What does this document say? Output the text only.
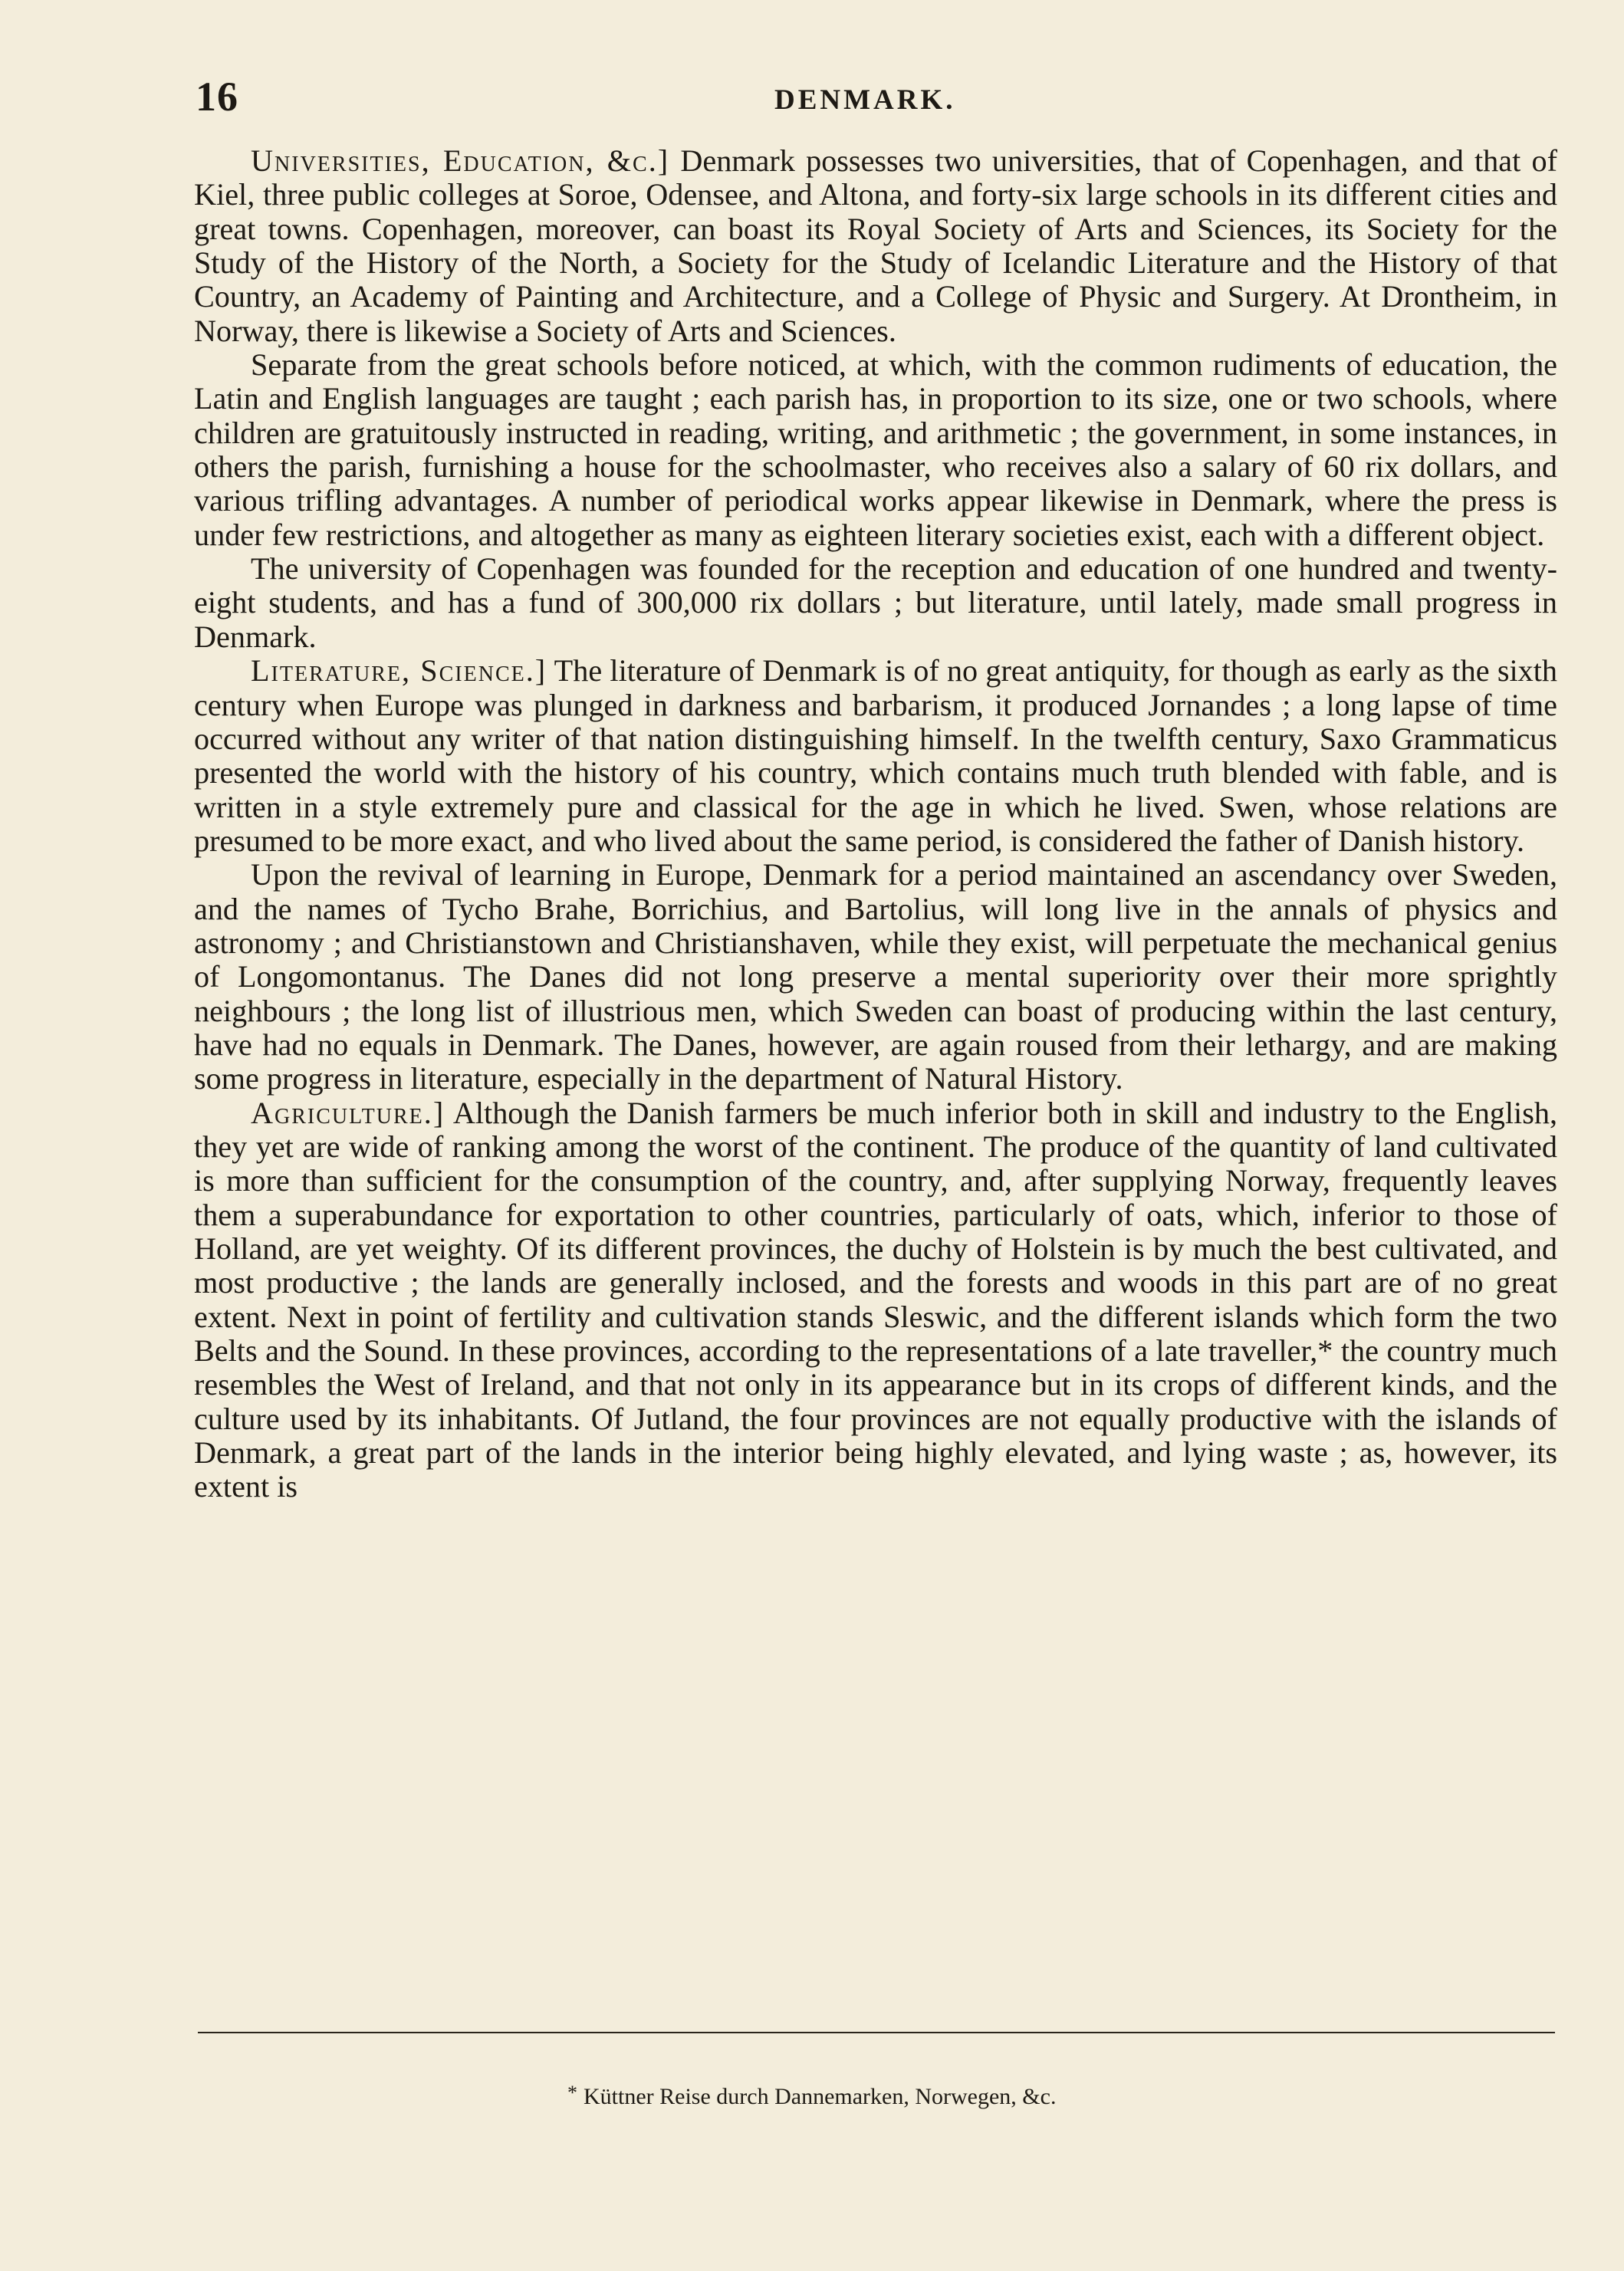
16	DENMARK.

Universities, Education, &c.] Denmark possesses two universities, that of Copenhagen, and that of Kiel, three public colleges at Soroe, Odensee, and Altona, and forty-six large schools in its different cities and great towns. Copenhagen, moreover, can boast its Royal Society of Arts and Sciences, its Society for the Study of the History of the North, a Society for the Study of Icelandic Literature and the History of that Country, an Academy of Painting and Architecture, and a College of Physic and Surgery. At Drontheim, in Norway, there is likewise a Society of Arts and Sciences.

Separate from the great schools before noticed, at which, with the common rudiments of education, the Latin and English languages are taught ; each parish has, in proportion to its size, one or two schools, where children are gratuitously instructed in reading, writing, and arithmetic ; the government, in some instances, in others the parish, furnishing a house for the schoolmaster, who receives also a salary of 60 rix dollars, and various trifling advantages. A number of periodical works appear likewise in Denmark, where the press is under few restrictions, and altogether as many as eighteen literary societies exist, each with a different object.

The university of Copenhagen was founded for the reception and education of one hundred and twenty-eight students, and has a fund of 300,000 rix dollars ; but literature, until lately, made small progress in Denmark.

Literature, Science.] The literature of Denmark is of no great antiquity, for though as early as the sixth century when Europe was plunged in darkness and barbarism, it produced Jornandes ; a long lapse of time occurred without any writer of that nation distinguishing himself. In the twelfth century, Saxo Grammaticus presented the world with the history of his country, which contains much truth blended with fable, and is written in a style extremely pure and classical for the age in which he lived. Swen, whose relations are presumed to be more exact, and who lived about the same period, is considered the father of Danish history.

Upon the revival of learning in Europe, Denmark for a period maintained an ascendancy over Sweden, and the names of Tycho Brahe, Borrichius, and Bartolius, will long live in the annals of physics and astronomy ; and Christianstown and Christianshaven, while they exist, will perpetuate the mechanical genius of Longomontanus. The Danes did not long preserve a mental superiority over their more sprightly neighbours ; the long list of illustrious men, which Sweden can boast of producing within the last century, have had no equals in Denmark. The Danes, however, are again roused from their lethargy, and are making some progress in literature, especially in the department of Natural History.

Agriculture.] Although the Danish farmers be much inferior both in skill and industry to the English, they yet are wide of ranking among the worst of the continent. The produce of the quantity of land cultivated is more than sufficient for the consumption of the country, and, after supplying Norway, frequently leaves them a superabundance for exportation to other countries, particularly of oats, which, inferior to those of Holland, are yet weighty. Of its different provinces, the duchy of Holstein is by much the best cultivated, and most productive ; the lands are generally inclosed, and the forests and woods in this part are of no great extent. Next in point of fertility and cultivation stands Sleswic, and the different islands which form the two Belts and the Sound. In these provinces, according to the representations of a late traveller,* the country much resembles the West of Ireland, and that not only in its appearance but in its crops of different kinds, and the culture used by its inhabitants. Of Jutland, the four provinces are not equally productive with the islands of Denmark, a great part of the lands in the interior being highly elevated, and lying waste ; as, however, its extent is

* Küttner Reise durch Dannemarken, Norwegen, &c.
